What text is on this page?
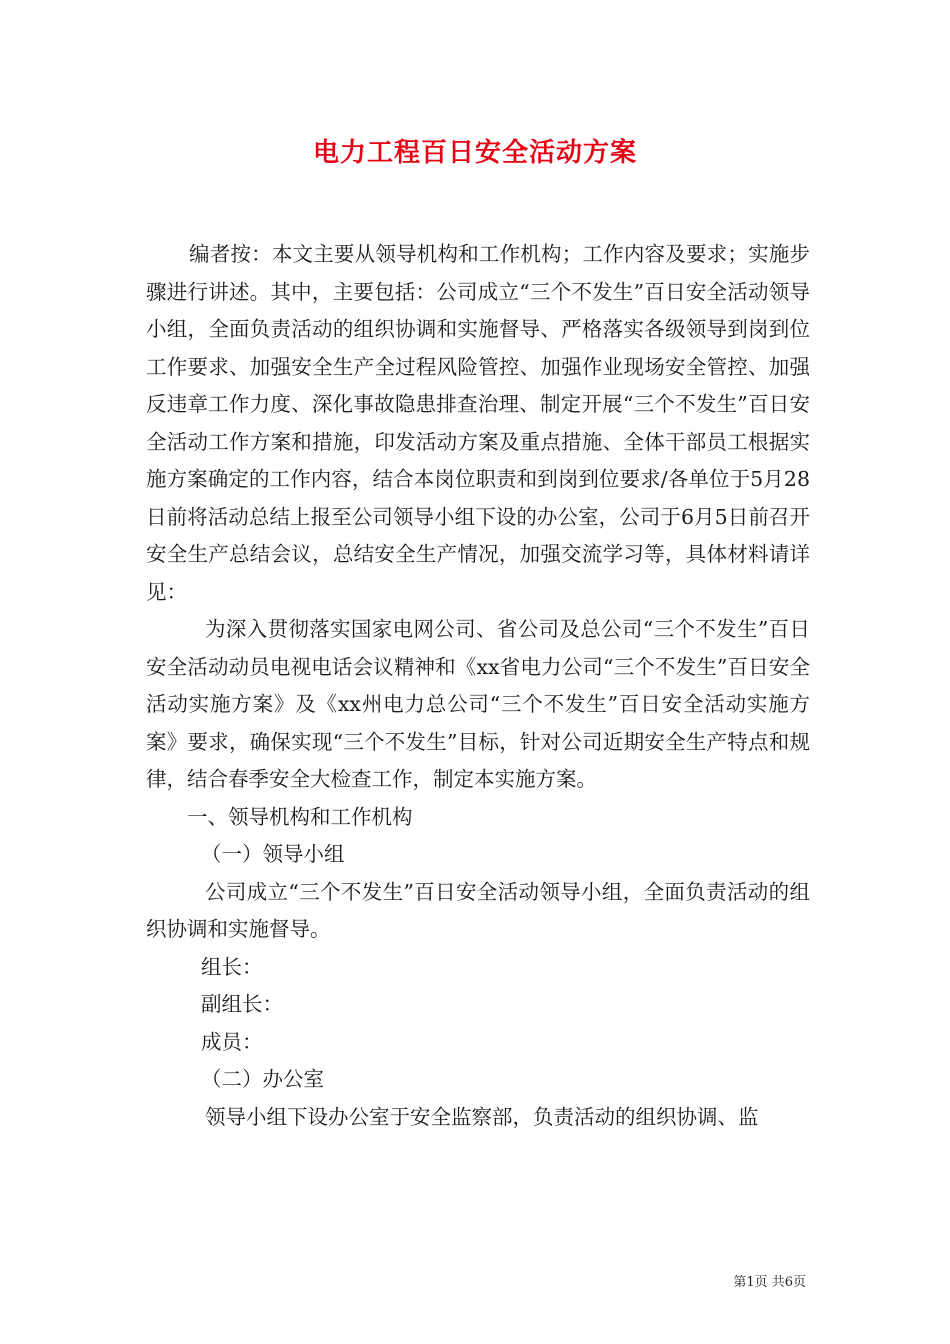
电力工程百日安全活动方案

编者按：本文主要从领导机构和工作机构；工作内容及要求；实施步骤进行讲述。其中，主要包括：公司成立“三个不发生”百日安全活动领导小组，全面负责活动的组织协调和实施督导、严格落实各级领导到岗到位工作要求、加强安全生产全过程风险管控、加强作业现场安全管控、加强反违章工作力度、深化事故隐患排查治理、制定开展“三个不发生”百日安全活动工作方案和措施，印发活动方案及重点措施、全体干部员工根据实施方案确定的工作内容，结合本岗位职责和到岗到位要求/各单位于5月28日前将活动总结上报至公司领导小组下设的办公室，公司于6月5日前召开安全生产总结会议，总结安全生产情况，加强交流学习等，具体材料请详见：

为深入贯彻落实国家电网公司、省公司及总公司“三个不发生”百日安全活动动员电视电话会议精神和《xx省电力公司“三个不发生”百日安全活动实施方案》及《xx州电力总公司“三个不发生”百日安全活动实施方案》要求，确保实现“三个不发生”目标，针对公司近期安全生产特点和规律，结合春季安全大检查工作，制定本实施方案。

一、领导机构和工作机构

（一）领导小组

公司成立“三个不发生”百日安全活动领导小组，全面负责活动的组织协调和实施督导。

组长：

副组长：

成员：

（二）办公室

领导小组下设办公室于安全监察部，负责活动的组织协调、监

第1页 共6页
